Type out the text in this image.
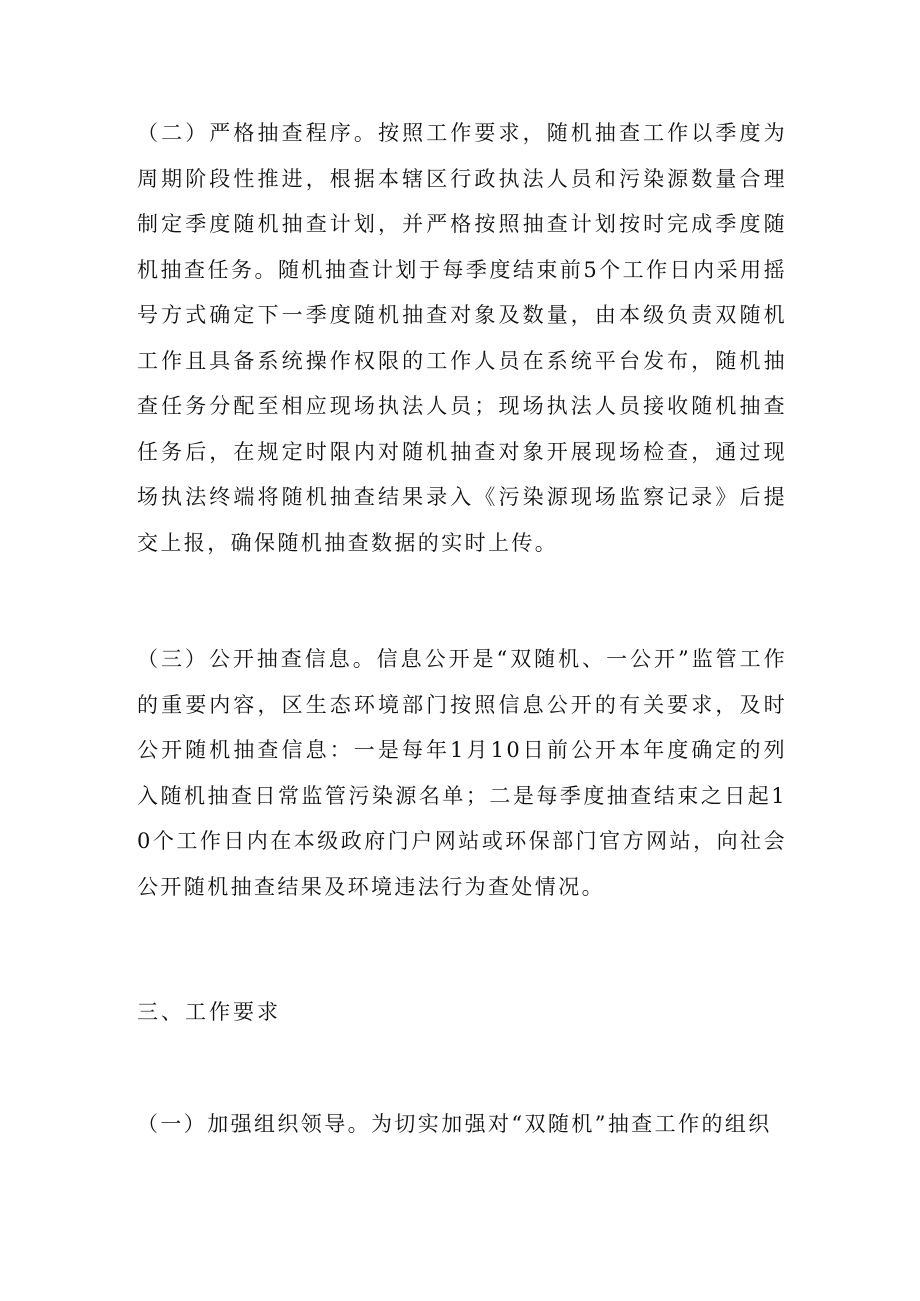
（二）严格抽查程序。按照工作要求，随机抽查工作以季度为周期阶段性推进，根据本辖区行政执法人员和污染源数量合理制定季度随机抽查计划，并严格按照抽查计划按时完成季度随机抽查任务。随机抽查计划于每季度结束前5个工作日内采用摇号方式确定下一季度随机抽查对象及数量，由本级负责双随机工作且具备系统操作权限的工作人员在系统平台发布，随机抽查任务分配至相应现场执法人员；现场执法人员接收随机抽查任务后，在规定时限内对随机抽查对象开展现场检查，通过现场执法终端将随机抽查结果录入《污染源现场监察记录》后提交上报，确保随机抽查数据的实时上传。

（三）公开抽查信息。信息公开是“双随机、一公开”监管工作的重要内容，区生态环境部门按照信息公开的有关要求，及时公开随机抽查信息：一是每年1月10日前公开本年度确定的列入随机抽查日常监管污染源名单；二是每季度抽查结束之日起10个工作日内在本级政府门户网站或环保部门官方网站，向社会公开随机抽查结果及环境违法行为查处情况。

三、工作要求

（一）加强组织领导。为切实加强对“双随机”抽查工作的组织
